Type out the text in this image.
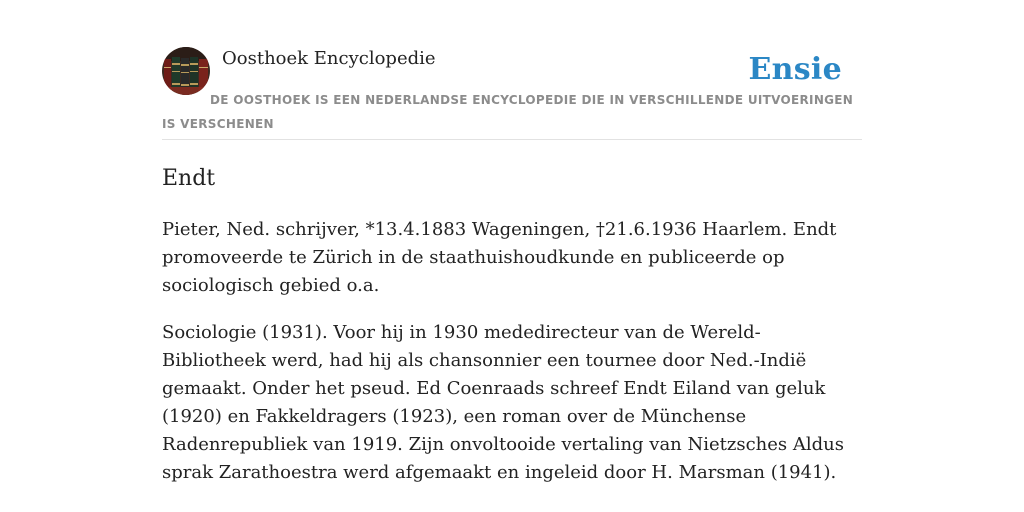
Oosthoek Encyclopedie	Ensie
DE OOSTHOEK IS EEN NEDERLANDSE ENCYCLOPEDIE DIE IN VERSCHILLENDE UITVOERINGEN IS VERSCHENEN
Endt

Pieter, Ned. schrijver, *13.4.1883 Wageningen, †21.6.1936 Haarlem. Endt promoveerde te Zürich in de staathuishoudkunde en publiceerde op sociologisch gebied o.a.

Sociologie (1931). Voor hij in 1930 mededirecteur van de Wereld-Bibliotheek werd, had hij als chansonnier een tournee door Ned.-Indië gemaakt. Onder het pseud. Ed Coenraads schreef Endt Eiland van geluk (1920) en Fakkeldragers (1923), een roman over de Münchense Radenrepubliek van 1919. Zijn onvoltooide vertaling van Nietzsches Aldus sprak Zarathoestra werd afgemaakt en ingeleid door H. Marsman (1941).
